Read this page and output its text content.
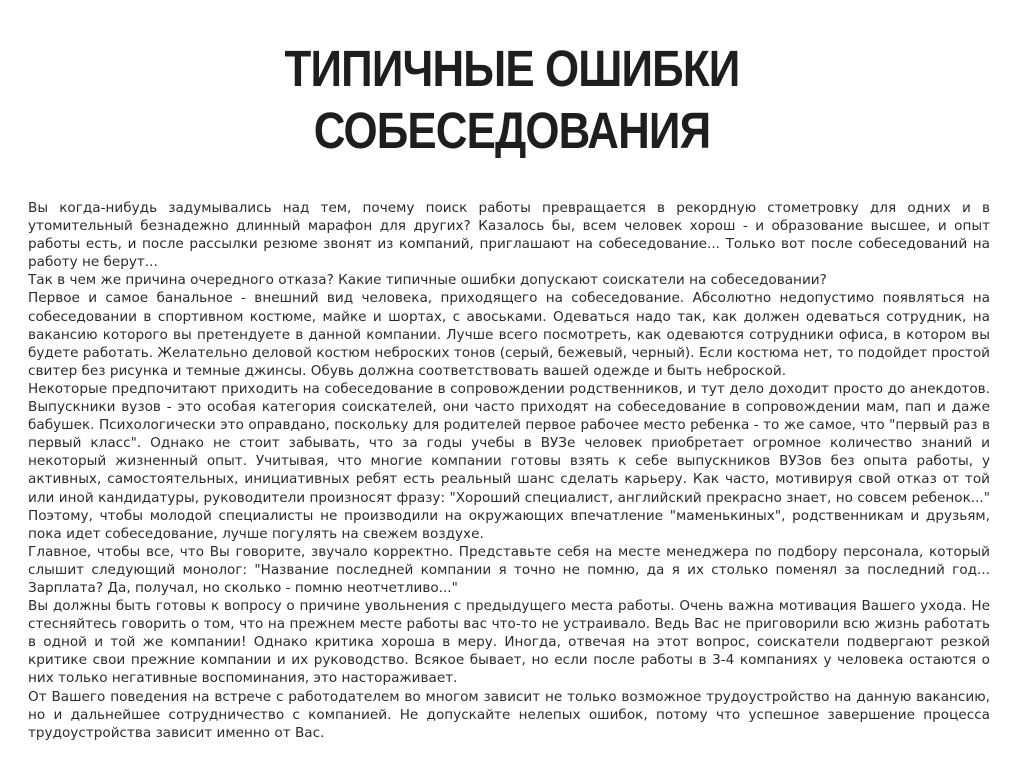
ТИПИЧНЫЕ ОШИБКИ
СОБЕСЕДОВАНИЯ

Вы когда-нибудь задумывались над тем, почему поиск работы превращается в рекордную стометровку для одних и в утомительный безнадежно длинный марафон для других? Казалось бы, всем человек хорош - и образование высшее, и опыт работы есть, и после рассылки резюме звонят из компаний, приглашают на собеседование... Только вот после собеседований на работу не берут...

Так в чем же причина очередного отказа? Какие типичные ошибки допускают соискатели на собеседовании?

Первое и самое банальное - внешний вид человека, приходящего на собеседование. Абсолютно недопустимо появляться на собеседовании в спортивном костюме, майке и шортах, с авоськами. Одеваться надо так, как должен одеваться сотрудник, на вакансию которого вы претендуете в данной компании. Лучше всего посмотреть, как одеваются сотрудники офиса, в котором вы будете работать. Желательно деловой костюм неброских тонов (серый, бежевый, черный). Если костюма нет, то подойдет простой свитер без рисунка и темные джинсы. Обувь должна соответствовать вашей одежде и быть неброской.

Некоторые предпочитают приходить на собеседование в сопровождении родственников, и тут дело доходит просто до анекдотов. Выпускники вузов - это особая категория соискателей, они часто приходят на собеседование в сопровождении мам, пап и даже бабушек. Психологически это оправдано, поскольку для родителей первое рабочее место ребенка - то же самое, что "первый раз в первый класс". Однако не стоит забывать, что за годы учебы в ВУЗе человек приобретает огромное количество знаний и некоторый жизненный опыт. Учитывая, что многие компании готовы взять к себе выпускников ВУЗов без опыта работы, у активных, самостоятельных, инициативных ребят есть реальный шанс сделать карьеру. Как часто, мотивируя свой отказ от той или иной кандидатуры, руководители произносят фразу: "Хороший специалист, английский прекрасно знает, но совсем ребенок..." Поэтому, чтобы молодой специалисты не производили на окружающих впечатление "маменькиных", родственникам и друзьям, пока идет собеседование, лучше погулять на свежем воздухе.

Главное, чтобы все, что Вы говорите, звучало корректно. Представьте себя на месте менеджера по подбору персонала, который слышит следующий монолог: "Название последней компании я точно не помню, да я их столько поменял за последний год... Зарплата? Да, получал, но сколько - помню неотчетливо..."

Вы должны быть готовы к вопросу о причине увольнения с предыдущего места работы. Очень важна мотивация Вашего ухода. Не стесняйтесь говорить о том, что на прежнем месте работы вас что-то не устраивало. Ведь Вас не приговорили всю жизнь работать в одной и той же компании! Однако критика хороша в меру. Иногда, отвечая на этот вопрос, соискатели подвергают резкой критике свои прежние компании и их руководство. Всякое бывает, но если после работы в 3-4 компаниях у человека остаются о них только негативные воспоминания, это настораживает.

От Вашего поведения на встрече с работодателем во многом зависит не только возможное трудоустройство на данную вакансию, но и дальнейшее сотрудничество с компанией. Не допускайте нелепых ошибок, потому что успешное завершение процесса трудоустройства зависит именно от Вас.
